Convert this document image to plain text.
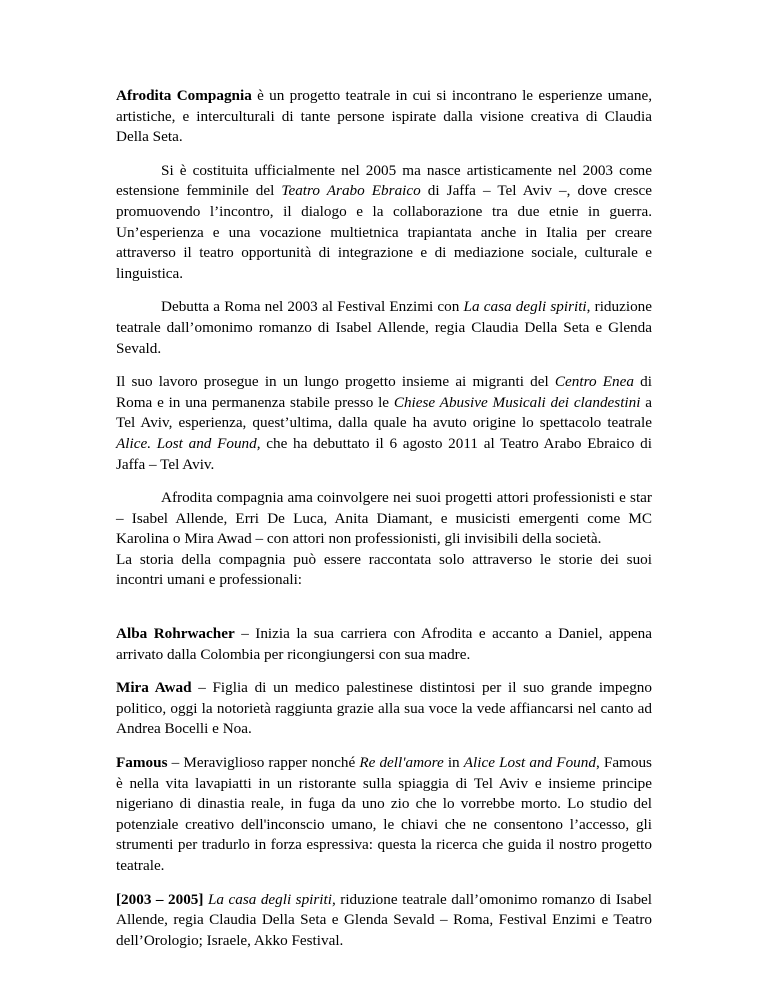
Afrodita Compagnia è un progetto teatrale in cui si incontrano le esperienze umane, artistiche, e interculturali di tante persone ispirate dalla visione creativa di Claudia Della Seta.

Si è costituita ufficialmente nel 2005 ma nasce artisticamente nel 2003 come estensione femminile del Teatro Arabo Ebraico di Jaffa – Tel Aviv –, dove cresce promuovendo l’incontro, il dialogo e la collaborazione tra due etnie in guerra. Un’esperienza e una vocazione multietnica trapiantata anche in Italia per creare attraverso il teatro opportunità di integrazione e di mediazione sociale, culturale e linguistica.

Debutta a Roma nel 2003 al Festival Enzimi con La casa degli spiriti, riduzione teatrale dall’omonimo romanzo di Isabel Allende, regia Claudia Della Seta e Glenda Sevald.

Il suo lavoro prosegue in un lungo progetto insieme ai migranti del Centro Enea di Roma e in una permanenza stabile presso le Chiese Abusive Musicali dei clandestini a Tel Aviv, esperienza, quest’ultima, dalla quale ha avuto origine lo spettacolo teatrale Alice. Lost and Found, che ha debuttato il 6 agosto 2011 al Teatro Arabo Ebraico di Jaffa – Tel Aviv.

Afrodita compagnia ama coinvolgere nei suoi progetti attori professionisti e star – Isabel Allende, Erri De Luca, Anita Diamant, e musicisti emergenti come MC Karolina o Mira Awad – con attori non professionisti, gli invisibili della società.

La storia della compagnia può essere raccontata solo attraverso le storie dei suoi incontri umani e professionali:

Alba Rohrwacher – Inizia la sua carriera con Afrodita e accanto a Daniel, appena arrivato dalla Colombia per ricongiungersi con sua madre.

Mira Awad – Figlia di un medico palestinese distintosi per il suo grande impegno politico, oggi la notorietà raggiunta grazie alla sua voce la vede affiancarsi nel canto ad Andrea Bocelli e Noa.

Famous – Meraviglioso rapper nonché Re dell'amore in Alice Lost and Found, Famous è nella vita lavapiatti in un ristorante sulla spiaggia di Tel Aviv e insieme principe nigeriano di dinastia reale, in fuga da uno zio che lo vorrebbe morto. Lo studio del potenziale creativo dell'inconscio umano, le chiavi che ne consentono l’accesso, gli strumenti per tradurlo in forza espressiva: questa la ricerca che guida il nostro progetto teatrale.

[2003 – 2005] La casa degli spiriti, riduzione teatrale dall’omonimo romanzo di Isabel Allende, regia Claudia Della Seta e Glenda Sevald – Roma, Festival Enzimi e Teatro dell’Orologio; Israele, Akko Festival.
